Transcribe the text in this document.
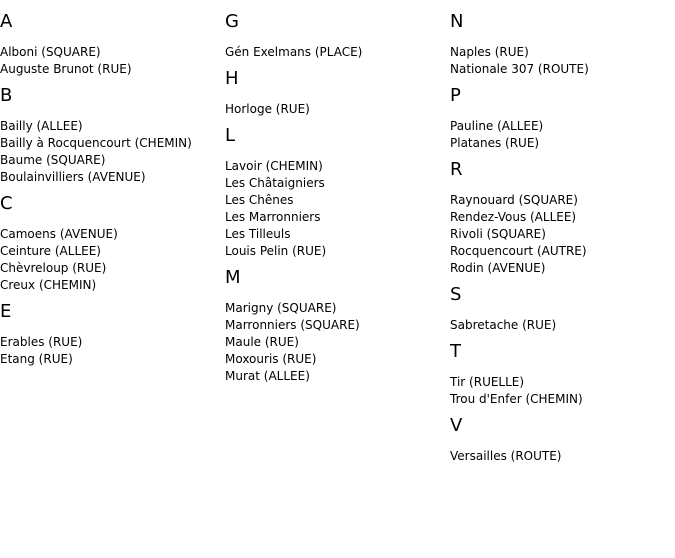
A
Alboni (SQUARE)
Auguste Brunot (RUE)
B
Bailly (ALLEE)
Bailly à Rocquencourt (CHEMIN)
Baume (SQUARE)
Boulainvilliers (AVENUE)
C
Camoens (AVENUE)
Ceinture (ALLEE)
Chèvreloup (RUE)
Creux (CHEMIN)
E
Erables (RUE)
Etang (RUE)
G
Gén Exelmans (PLACE)
H
Horloge (RUE)
L
Lavoir (CHEMIN)
Les Châtaigniers
Les Chênes
Les Marronniers
Les Tilleuls
Louis Pelin (RUE)
M
Marigny (SQUARE)
Marronniers (SQUARE)
Maule (RUE)
Moxouris (RUE)
Murat (ALLEE)
N
Naples (RUE)
Nationale 307 (ROUTE)
P
Pauline (ALLEE)
Platanes (RUE)
R
Raynouard (SQUARE)
Rendez-Vous (ALLEE)
Rivoli (SQUARE)
Rocquencourt (AUTRE)
Rodin (AVENUE)
S
Sabretache (RUE)
T
Tir (RUELLE)
Trou d'Enfer (CHEMIN)
V
Versailles (ROUTE)
